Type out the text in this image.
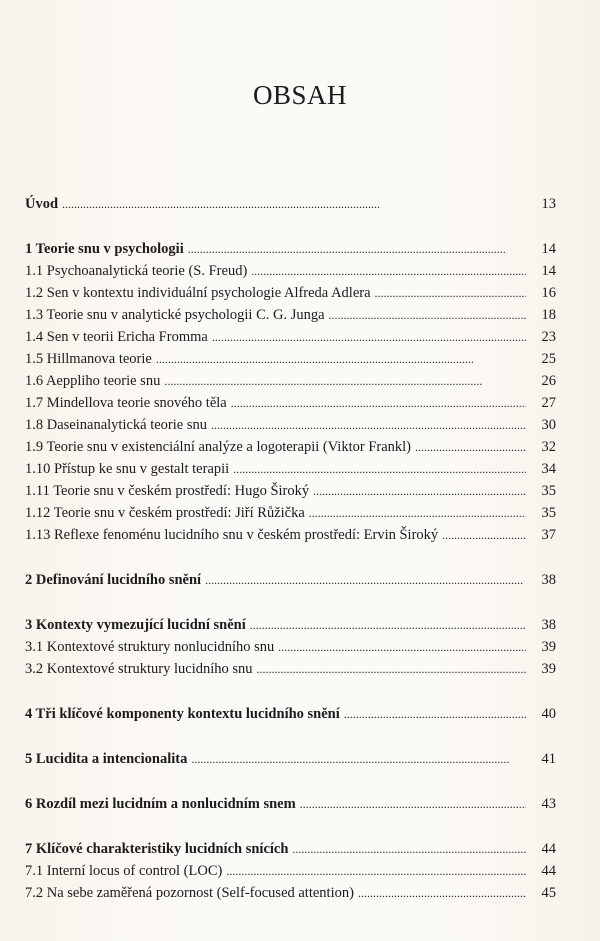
OBSAH
Úvod . . .	13
1 Teorie snu v psychologii . . .	14
1.1 Psychoanalytická teorie (S. Freud) . . .	14
1.2 Sen v kontextu individuální psychologie Alfreda Adlera . . .	16
1.3 Teorie snu v analytické psychologii C. G. Junga . . .	18
1.4 Sen v teorii Ericha Fromma . . .	23
1.5 Hillmanova teorie . . .	25
1.6 Aeppliho teorie snu . . .	26
1.7 Mindellova teorie snového těla . . .	27
1.8 Daseinanalytická teorie snu . . .	30
1.9 Teorie snu v existenciální analýze a logoterapii (Viktor Frankl) . . .	32
1.10 Přístup ke snu v gestalt terapii . . .	34
1.11 Teorie snu v českém prostředí: Hugo Široký . . .	35
1.12 Teorie snu v českém prostředí: Jiří Růžička . . .	35
1.13 Reflexe fenoménu lucidního snu v českém prostředí: Ervin Široký . . .	37
2 Definování lucidního snění . . .	38
3 Kontexty vymezující lucidní snění . . .	38
3.1 Kontextové struktury nonlucidního snu . . .	39
3.2 Kontextové struktury lucidního snu . . .	39
4 Tři klíčové komponenty kontextu lucidního snění . . .	40
5 Lucidita a intencionalita . . .	41
6 Rozdíl mezi lucidním a nonlucidním snem . . .	43
7 Klíčové charakteristiky lucidních snících . . .	44
7.1 Interní locus of control (LOC) . . .	44
7.2 Na sebe zaměřená pozornost (Self-focused attention) . . .	45
